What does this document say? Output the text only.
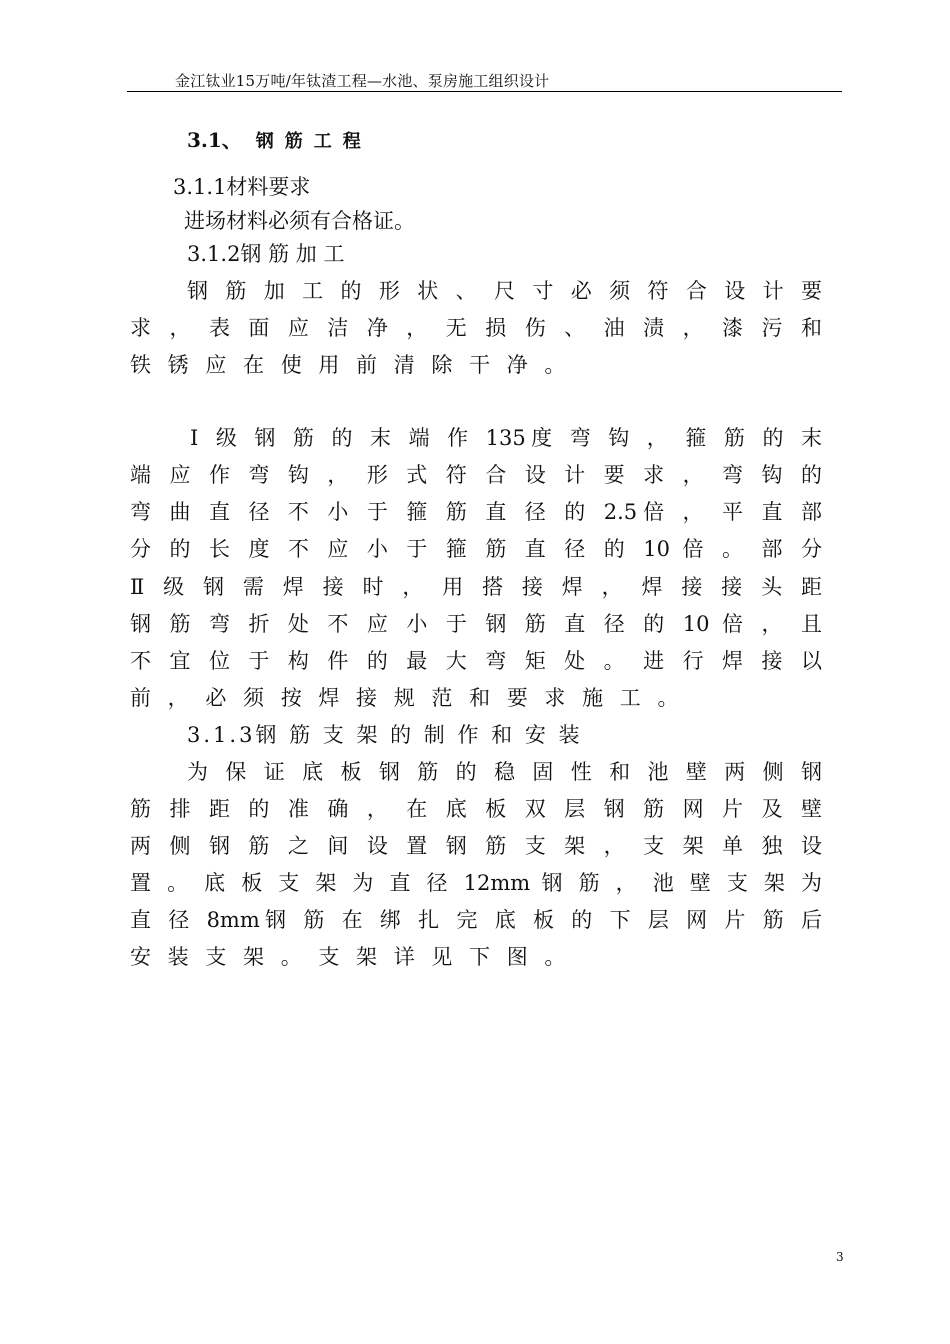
金江钛业15万吨/年钛渣工程—水池、泵房施工组织设计
3.1、 钢筋工程
3.1.1材料要求
进场材料必须有合格证。
3.1.2钢 筋 加 工
钢 筋 加 工 的 形 状 、 尺 寸 必 须 符 合 设 计 要
求 ， 表 面 应 洁 净 ， 无 损 伤 、 油 渍 ， 漆 污 和
铁 锈 应 在 使 用 前 清 除 干 净 。
Ⅰ 级 钢 筋 的 末 端 作 135度 弯 钩 ， 箍 筋 的 末
端 应 作 弯 钩 ， 形 式 符 合 设 计 要 求 ， 弯 钩 的
弯 曲 直 径 不 小 于 箍 筋 直 径 的 2.5倍 ， 平 直 部
分 的 长 度 不 应 小 于 箍 筋 直 径 的 10 倍 。 部 分
Ⅱ 级 钢 需 焊 接 时 ， 用 搭 接 焊 ， 焊 接 接 头 距
钢 筋 弯 折 处 不 应 小 于 钢 筋 直 径 的 10 倍 ， 且
不 宜 位 于 构 件 的 最 大 弯 矩 处 。 进 行 焊 接 以
前 ， 必 须 按 焊 接 规 范 和 要 求 施 工 。
3.1.3钢 筋 支 架 的 制 作 和 安 装
为 保 证 底 板 钢 筋 的 稳 固 性 和 池 壁 两 侧 钢
筋 排 距 的 准 确 ， 在 底 板 双 层 钢 筋 网 片 及 壁
两 侧 钢 筋 之 间 设 置 钢 筋 支 架 ， 支 架 单 独 设
置 。 底 板 支 架 为 直 径 12mm 钢 筋 ， 池 壁 支 架 为
直 径 8mm钢 筋 在 绑 扎 完 底 板 的 下 层 网 片 筋 后
安 装 支 架 。 支 架 详 见 下 图 。
3
